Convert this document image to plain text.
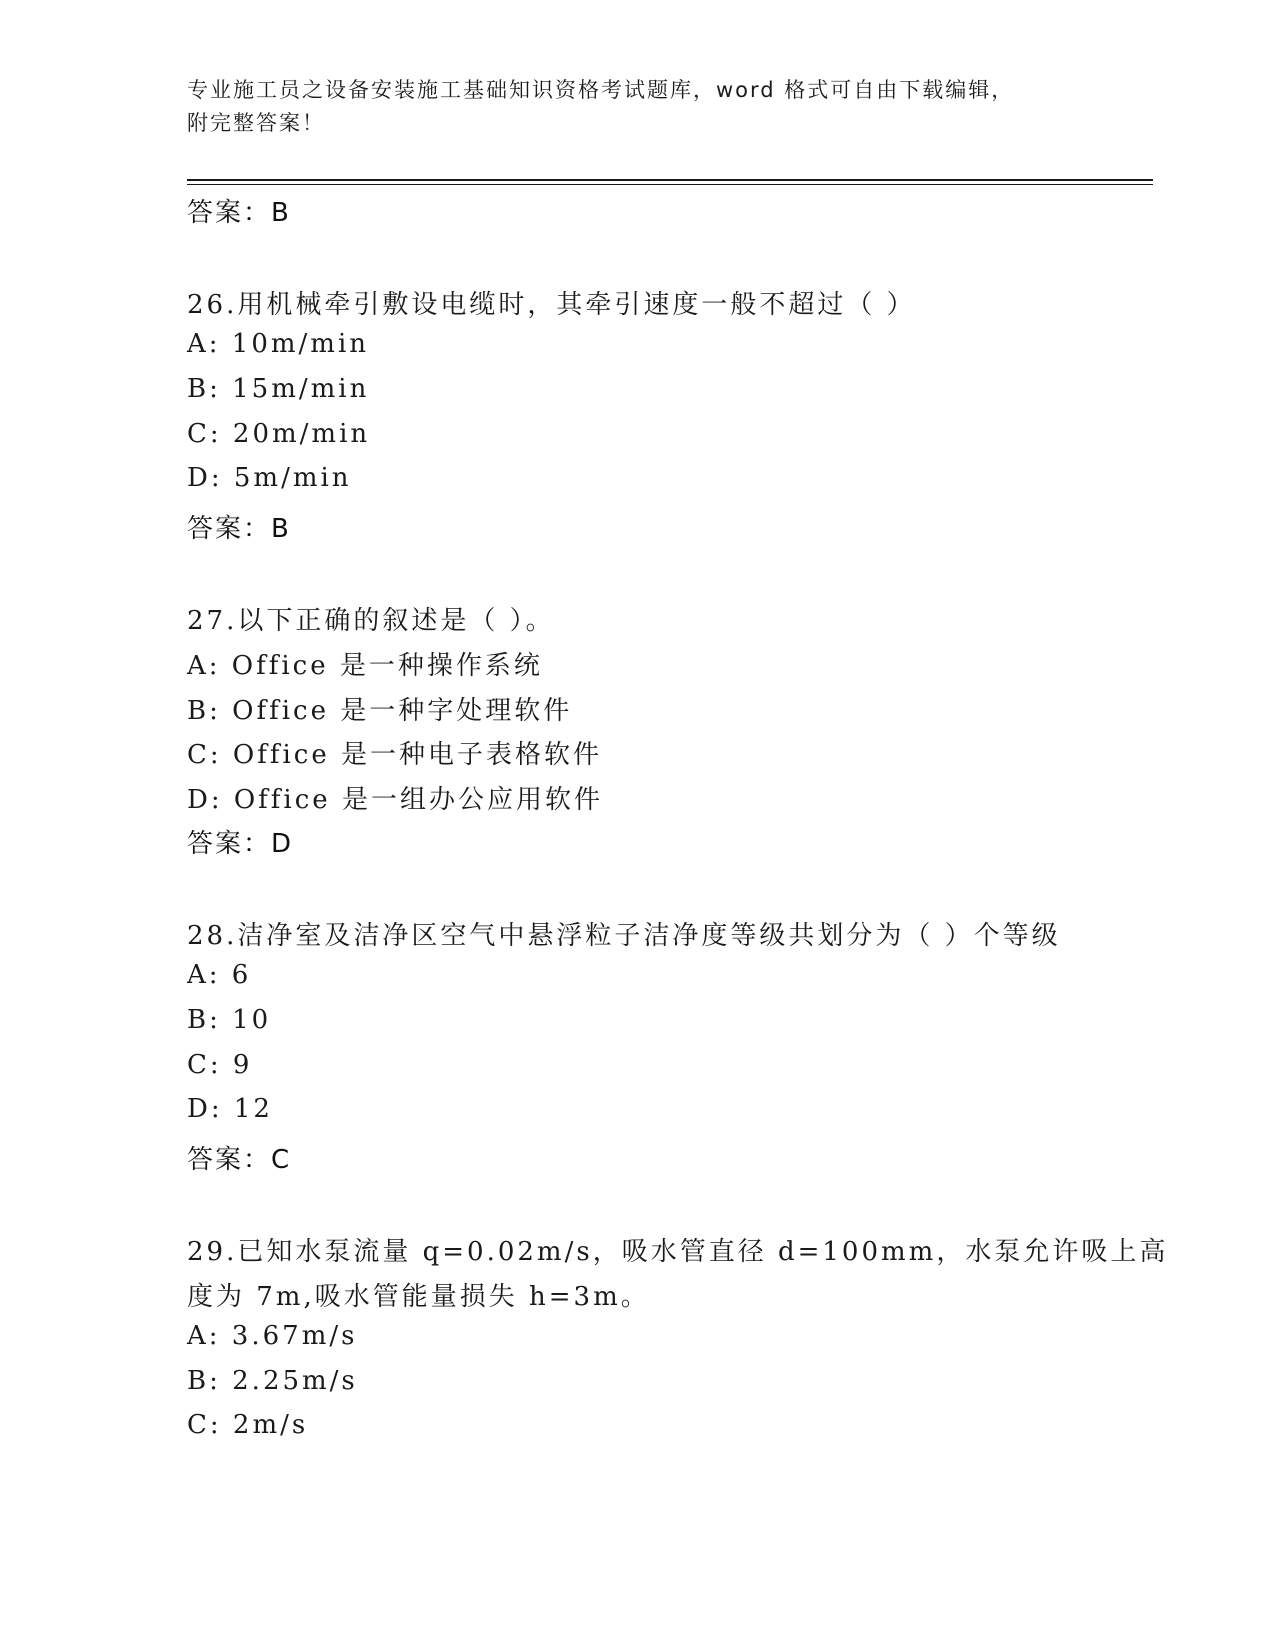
专业施工员之设备安装施工基础知识资格考试题库，word 格式可自由下载编辑，
附完整答案！
答案：B
26.用机械牵引敷设电缆时，其牵引速度一般不超过（ ）
A: 10m/min
B: 15m/min
C: 20m/min
D: 5m/min
答案：B
27.以下正确的叙述是（ ）。
A: Office 是一种操作系统
B: Office 是一种字处理软件
C: Office 是一种电子表格软件
D: Office 是一组办公应用软件
答案：D
28.洁净室及洁净区空气中悬浮粒子洁净度等级共划分为（ ）个等级
A: 6
B: 10
C: 9
D: 12
答案：C
29.已知水泵流量 q=0.02m/s，吸水管直径 d=100mm，水泵允许吸上高
度为 7m,吸水管能量损失 h=3m。
A: 3.67m/s
B: 2.25m/s
C: 2m/s
